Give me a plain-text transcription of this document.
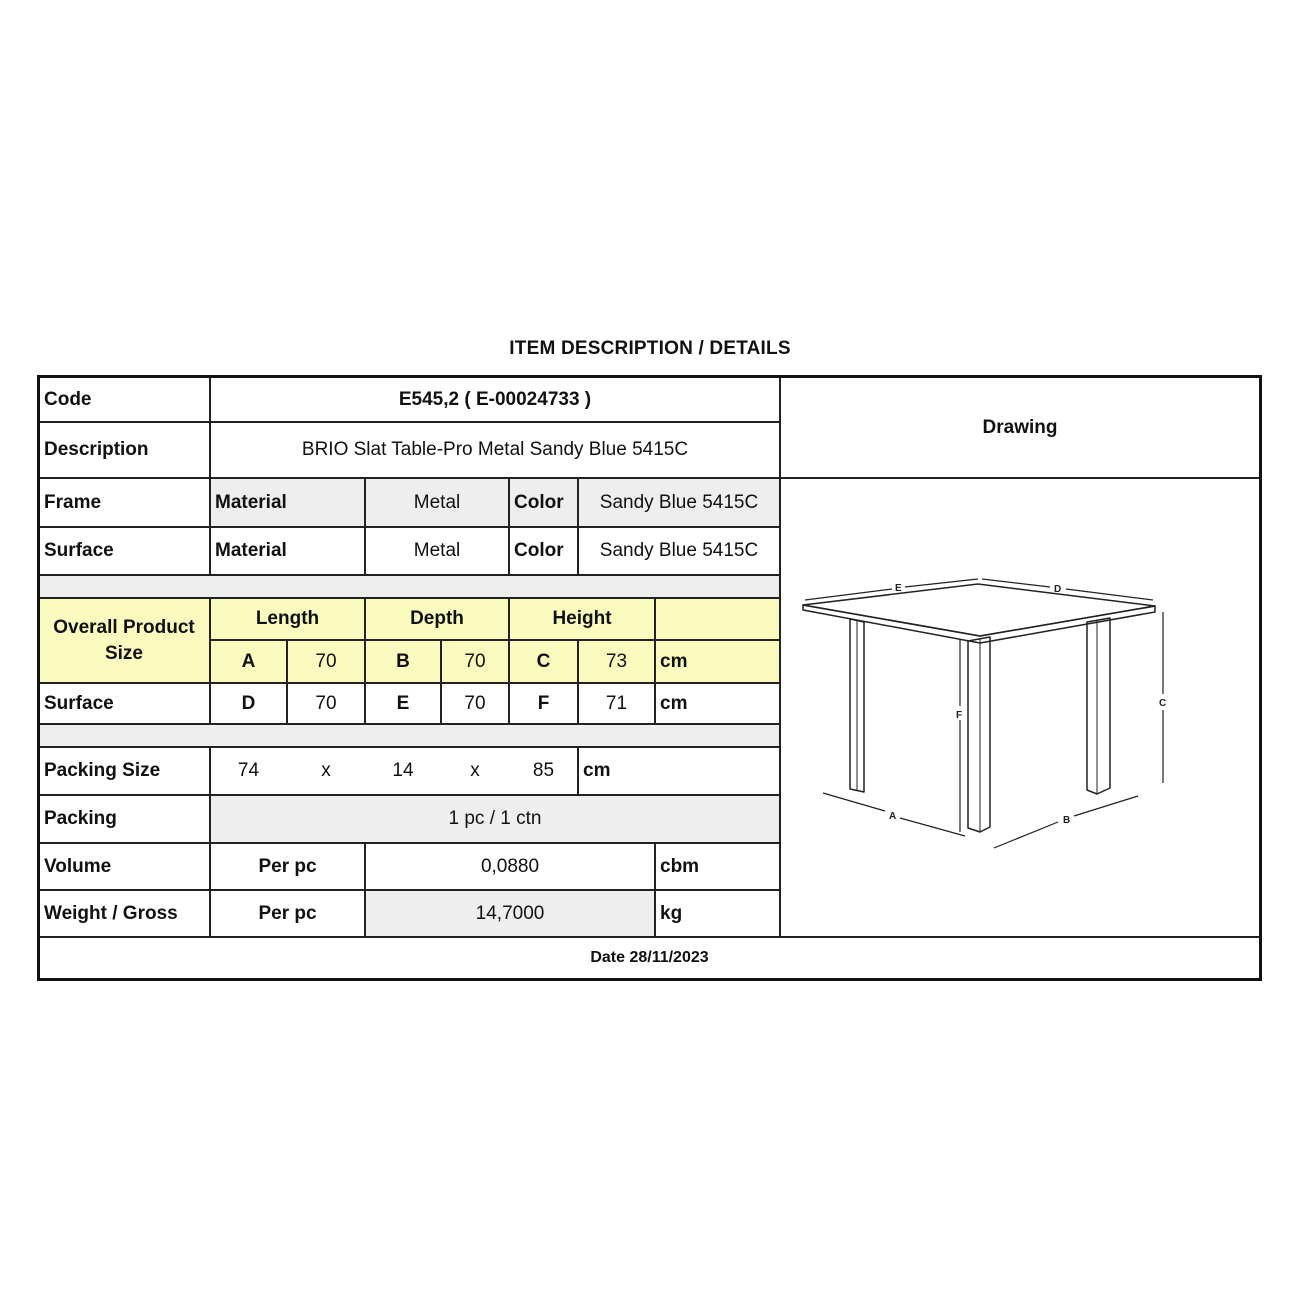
ITEM DESCRIPTION / DETAILS
Code	E545,2 ( E-00024733 )
Description	BRIO Slat Table-Pro Metal Sandy Blue 5415C
Drawing
Frame	Material	Metal	Color	Sandy Blue 5415C
Surface	Material	Metal	Color	Sandy Blue 5415C
Overall Product
Size
Length	Depth	Height
A	70	B	70	C	73	cm
Surface	D	70	E	70	F	71	cm
Packing Size	74	x	14	x	85	cm
Packing	1 pc / 1 ctn
Volume	Per pc	0,0880	cbm
Weight / Gross	Per pc	14,7000	kg
Date 28/11/2023
E	D
C
F
A	B
